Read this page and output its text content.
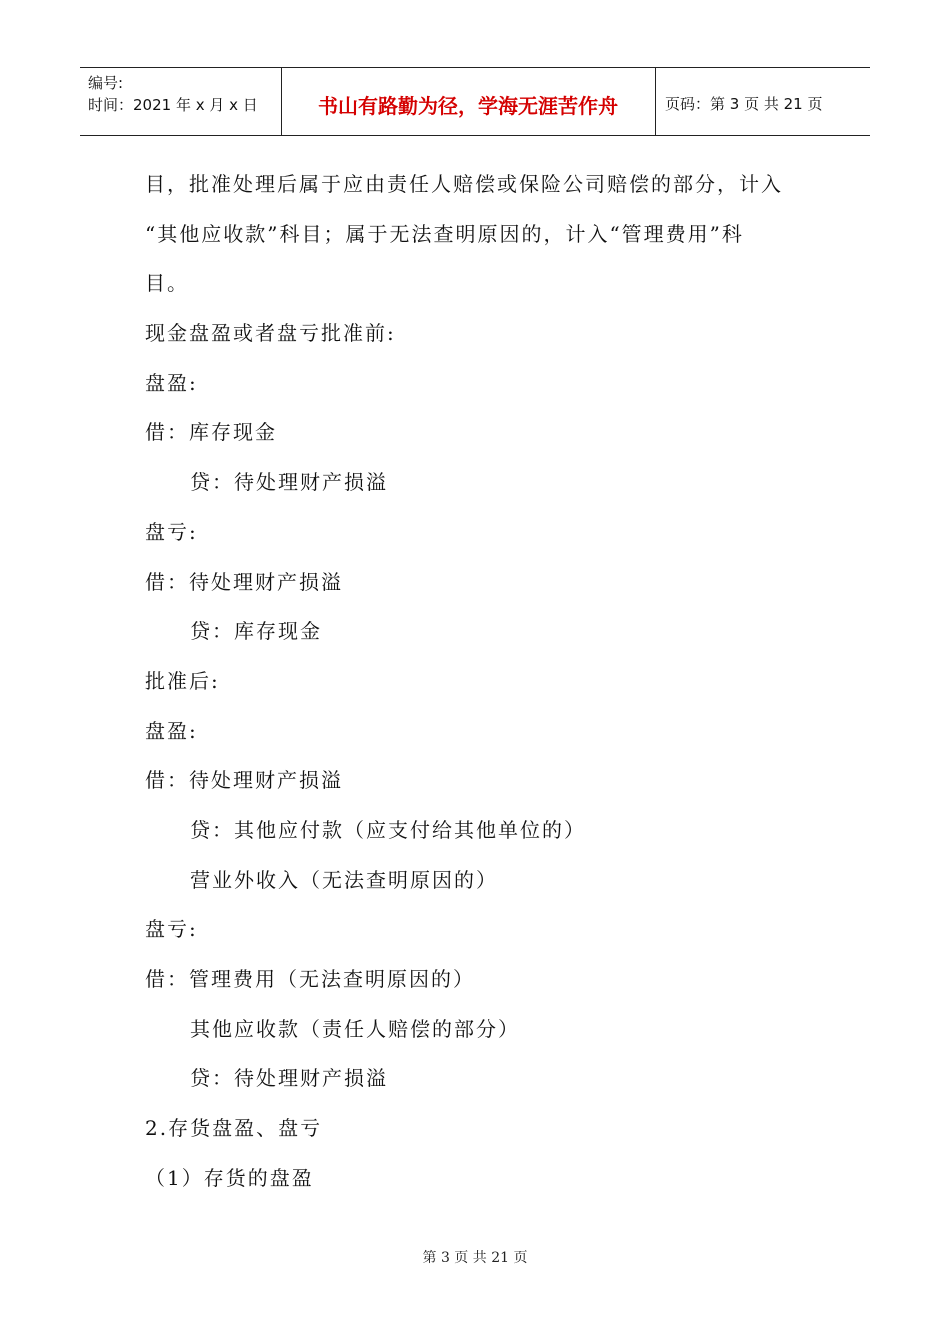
编号:
时间：2021 年 x 月 x 日	书山有路勤为径，学海无涯苦作舟	页码：第 3 页 共 21 页
目，批准处理后属于应由责任人赔偿或保险公司赔偿的部分，计入
“其他应收款”科目；属于无法查明原因的，计入“管理费用”科
目。
现金盘盈或者盘亏批准前:
盘盈:
借：库存现金
贷：待处理财产损溢
盘亏:
借：待处理财产损溢
贷：库存现金
批准后:
盘盈:
借：待处理财产损溢
贷：其他应付款（应支付给其他单位的）
营业外收入（无法查明原因的）
盘亏:
借：管理费用（无法查明原因的）
其他应收款（责任人赔偿的部分）
贷：待处理财产损溢
2.存货盘盈、盘亏
（1）存货的盘盈
第 3 页 共 21 页
